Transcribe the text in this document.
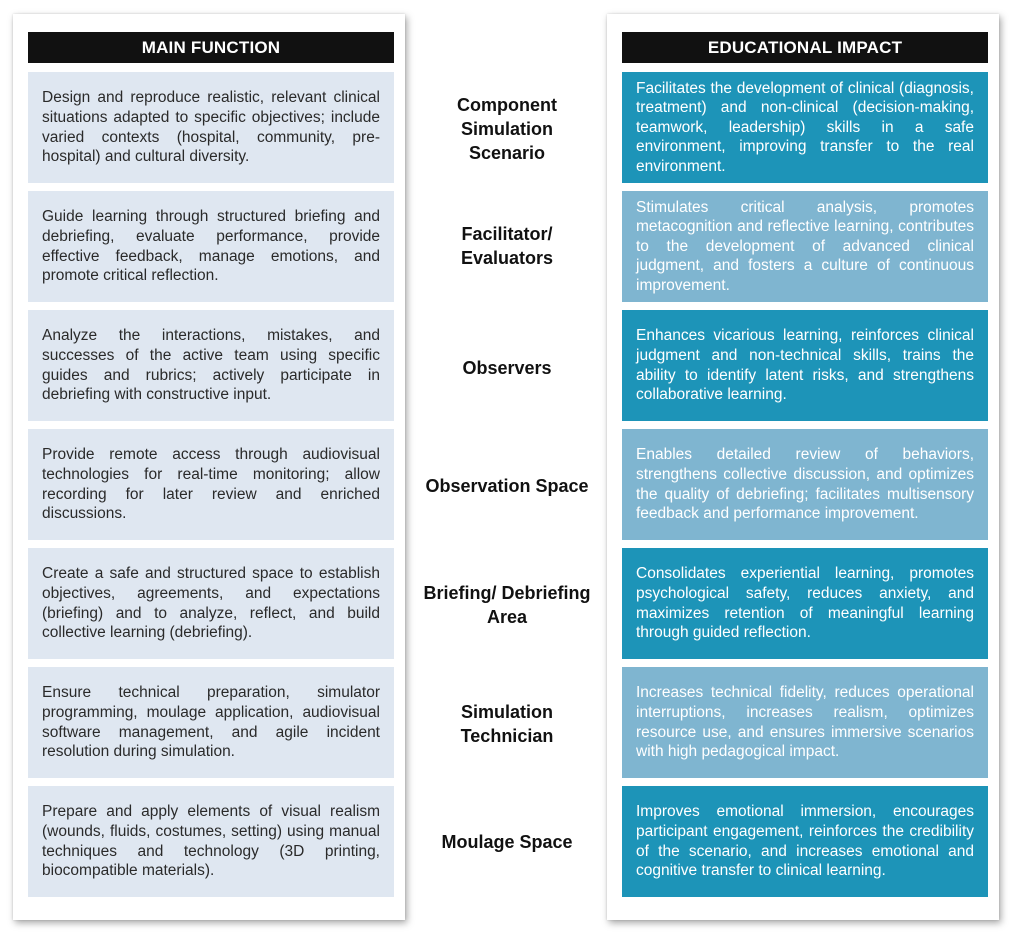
MAIN FUNCTION
Design and reproduce realistic, relevant clinical situations adapted to specific objectives; include varied contexts (hospital, community, pre-hospital) and cultural diversity.
Guide learning through structured briefing and debriefing, evaluate performance, provide effective feedback, manage emotions, and promote critical reflection.
Analyze the interactions, mistakes, and successes of the active team using specific guides and rubrics; actively participate in debriefing with constructive input.
Provide remote access through audiovisual technologies for real-time monitoring; allow recording for later review and enriched discussions.
Create a safe and structured space to establish objectives, agreements, and expectations (briefing) and to analyze, reflect, and build collective learning (debriefing).
Ensure technical preparation, simulator programming, moulage application, audiovisual software management, and agile incident resolution during simulation.
Prepare and apply elements of visual realism (wounds, fluids, costumes, setting) using manual techniques and technology (3D printing, biocompatible materials).
Component Simulation Scenario
Facilitator/ Evaluators
Observers
Observation Space
Briefing/ Debriefing Area
Simulation Technician
Moulage Space
EDUCATIONAL IMPACT
Facilitates the development of clinical (diagnosis, treatment) and non-clinical (decision-making, teamwork, leadership) skills in a safe environment, improving transfer to the real environment.
Stimulates critical analysis, promotes metacognition and reflective learning, contributes to the development of advanced clinical judgment, and fosters a culture of continuous improvement.
Enhances vicarious learning, reinforces clinical judgment and non-technical skills, trains the ability to identify latent risks, and strengthens collaborative learning.
Enables detailed review of behaviors, strengthens collective discussion, and optimizes the quality of debriefing; facilitates multisensory feedback and performance improvement.
Consolidates experiential learning, promotes psychological safety, reduces anxiety, and maximizes retention of meaningful learning through guided reflection.
Increases technical fidelity, reduces operational interruptions, increases realism, optimizes resource use, and ensures immersive scenarios with high pedagogical impact.
Improves emotional immersion, encourages participant engagement, reinforces the credibility of the scenario, and increases emotional and cognitive transfer to clinical learning.
